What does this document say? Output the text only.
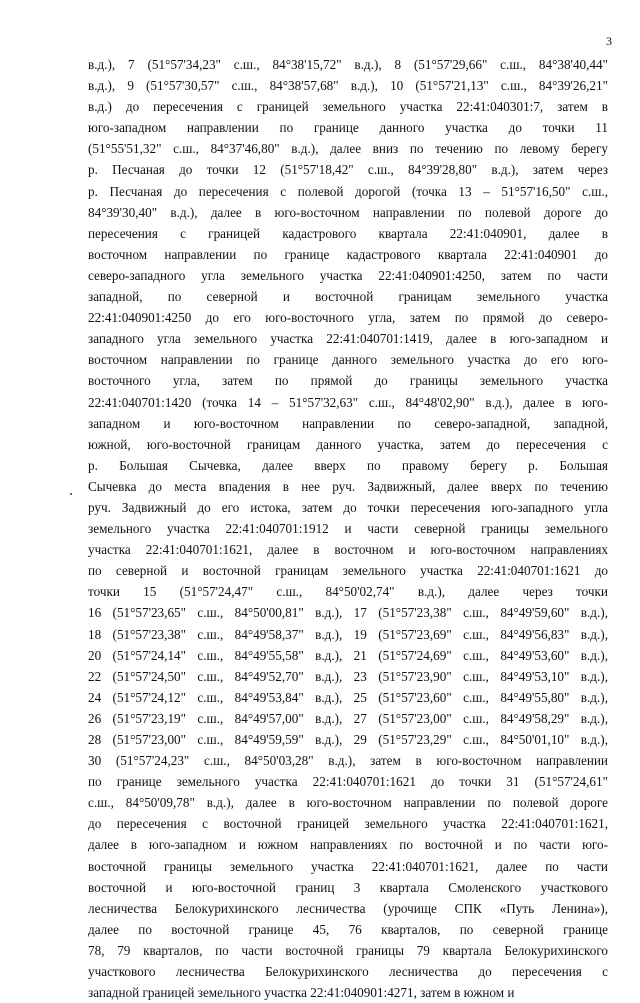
3
в.д.), 7 (51°57'34,23" с.ш., 84°38'15,72" в.д.), 8 (51°57'29,66" с.ш., 84°38'40,44"
в.д.), 9 (51°57'30,57" с.ш., 84°38'57,68" в.д.), 10 (51°57'21,13" с.ш., 84°39'26,21"
в.д.) до пересечения с границей земельного участка 22:41:040301:7, затем в
юго-западном направлении по границе данного участка до точки 11
(51°55'51,32" с.ш., 84°37'46,80" в.д.), далее вниз по течению по левому берегу
р. Песчаная до точки 12 (51°57'18,42" с.ш., 84°39'28,80" в.д.), затем через
р. Песчаная до пересечения с полевой дорогой (точка 13 – 51°57'16,50" с.ш.,
84°39'30,40" в.д.), далее в юго-восточном направлении по полевой дороге до
пересечения с границей кадастрового квартала 22:41:040901, далее в
восточном направлении по границе кадастрового квартала 22:41:040901 до
северо-западного угла земельного участка 22:41:040901:4250, затем по части
западной, по северной и восточной границам земельного участка
22:41:040901:4250 до его юго-восточного угла, затем по прямой до северо-
западного угла земельного участка 22:41:040701:1419, далее в юго-западном и
восточном направлении по границе данного земельного участка до его юго-
восточного угла, затем по прямой до границы земельного участка
22:41:040701:1420 (точка 14 – 51°57'32,63" с.ш., 84°48'02,90" в.д.), далее в юго-
западном и юго-восточном направлении по северо-западной, западной,
южной, юго-восточной границам данного участка, затем до пересечения с
р. Большая Сычевка, далее вверх по правому берегу р. Большая
Сычевка до места впадения в нее руч. Задвижный, далее вверх по течению
руч. Задвижный до его истока, затем до точки пересечения юго-западного угла
земельного участка 22:41:040701:1912 и части северной границы земельного
участка 22:41:040701:1621, далее в восточном и юго-восточном направлениях
по северной и восточной границам земельного участка 22:41:040701:1621 до
точки 15 (51°57'24,47" с.ш., 84°50'02,74" в.д.), далее через точки
16 (51°57'23,65" с.ш., 84°50'00,81" в.д.), 17 (51°57'23,38" с.ш., 84°49'59,60" в.д.),
18 (51°57'23,38" с.ш., 84°49'58,37" в.д.), 19 (51°57'23,69" с.ш., 84°49'56,83" в.д.),
20 (51°57'24,14" с.ш., 84°49'55,58" в.д.), 21 (51°57'24,69" с.ш., 84°49'53,60" в.д.),
22 (51°57'24,50" с.ш., 84°49'52,70" в.д.), 23 (51°57'23,90" с.ш., 84°49'53,10" в.д.),
24 (51°57'24,12" с.ш., 84°49'53,84" в.д.), 25 (51°57'23,60" с.ш., 84°49'55,80" в.д.),
26 (51°57'23,19" с.ш., 84°49'57,00" в.д.), 27 (51°57'23,00" с.ш., 84°49'58,29" в.д.),
28 (51°57'23,00" с.ш., 84°49'59,59" в.д.), 29 (51°57'23,29" с.ш., 84°50'01,10" в.д.),
30 (51°57'24,23" с.ш., 84°50'03,28" в.д.), затем в юго-восточном направлении
по границе земельного участка 22:41:040701:1621 до точки 31 (51°57'24,61"
с.ш., 84°50'09,78" в.д.), далее в юго-восточном направлении по полевой дороге
до пересечения с восточной границей земельного участка 22:41:040701:1621,
далее в юго-западном и южном направлениях по восточной и по части юго-
восточной границы земельного участка 22:41:040701:1621, далее по части
восточной и юго-восточной границ 3 квартала Смоленского участкового
лесничества Белокурихинского лесничества (урочище СПК «Путь Ленина»),
далее по восточной границе 45, 76 кварталов, по северной границе
78, 79 кварталов, по части восточной границы 79 квартала Белокурихинского
участкового лесничества Белокурихинского лесничества до пересечения с
западной границей земельного участка 22:41:040901:4271, затем в южном и
